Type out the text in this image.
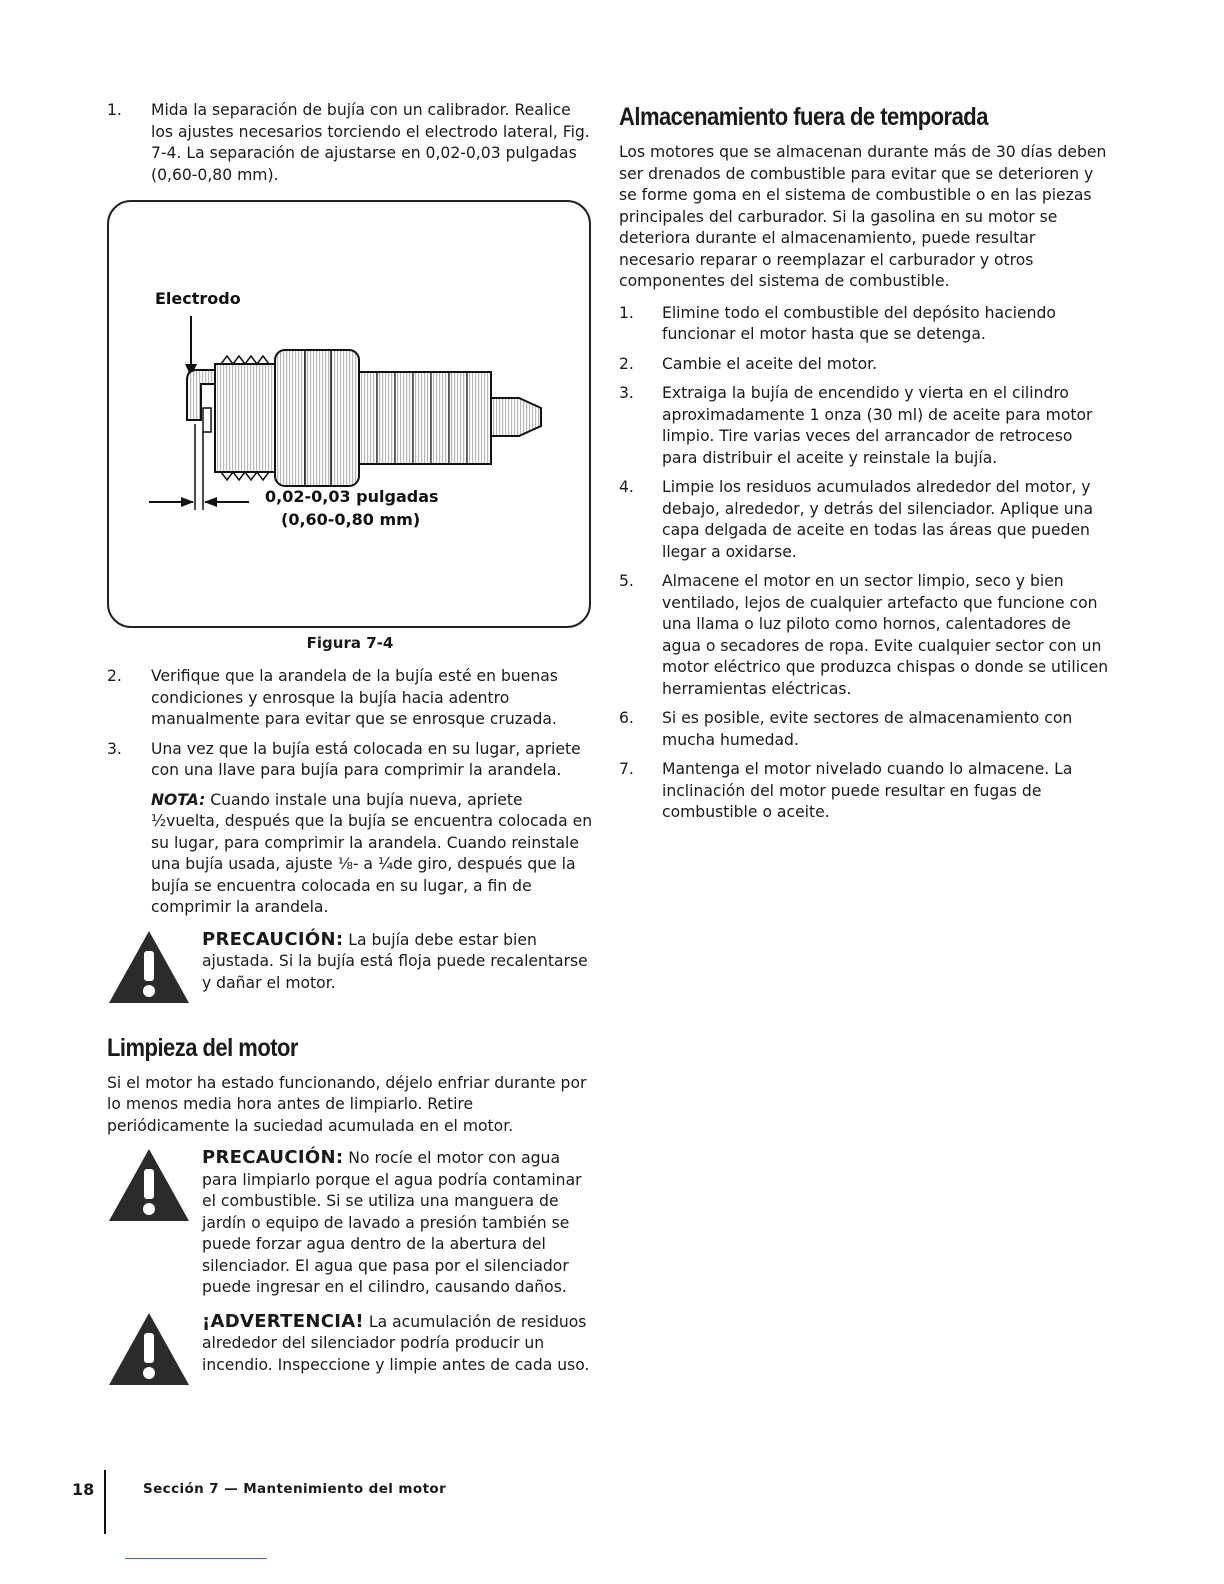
1.	Mida la separación de bujía con un calibrador. Realice los ajustes necesarios torciendo el electrodo lateral, Fig. 7-4. La separación de ajustarse en 0,02-0,03 pulgadas (0,60-0,80 mm).
Electrodo
0,02-0,03 pulgadas
(0,60-0,80 mm)
Figura 7-4
2.	Verifique que la arandela de la bujía esté en buenas condiciones y enrosque la bujía hacia adentro manualmente para evitar que se enrosque cruzada.
3.	Una vez que la bujía está colocada en su lugar, apriete con una llave para bujía para comprimir la arandela.

NOTA: Cuando instale una bujía nueva, apriete ½vuelta, después que la bujía se encuentra colocada en su lugar, para comprimir la arandela. Cuando reinstale una bujía usada, ajuste ⅛- a ¼de giro, después que la bujía se encuentra colocada en su lugar, a fin de comprimir la arandela.

PRECAUCIÓN: La bujía debe estar bien ajustada. Si la bujía está floja puede recalentarse y dañar el motor.
Limpieza del motor

Si el motor ha estado funcionando, déjelo enfriar durante por lo menos media hora antes de limpiarlo. Retire periódicamente la suciedad acumulada en el motor.

PRECAUCIÓN: No rocíe el motor con agua para limpiarlo porque el agua podría contaminar el combustible. Si se utiliza una manguera de jardín o equipo de lavado a presión también se puede forzar agua dentro de la abertura del silenciador. El agua que pasa por el silenciador puede ingresar en el cilindro, causando daños.
¡ADVERTENCIA! La acumulación de residuos alrededor del silenciador podría producir un incendio. Inspeccione y limpie antes de cada uso.
Almacenamiento fuera de temporada

Los motores que se almacenan durante más de 30 días deben ser drenados de combustible para evitar que se deterioren y se forme goma en el sistema de combustible o en las piezas principales del carburador. Si la gasolina en su motor se deteriora durante el almacenamiento, puede resultar necesario reparar o reemplazar el carburador y otros componentes del sistema de combustible.

1.	Elimine todo el combustible del depósito haciendo funcionar el motor hasta que se detenga.
2.	Cambie el aceite del motor.
3.	Extraiga la bujía de encendido y vierta en el cilindro aproximadamente 1 onza (30 ml) de aceite para motor limpio. Tire varias veces del arrancador de retroceso para distribuir el aceite y reinstale la bujía.
4.	Limpie los residuos acumulados alrededor del motor, y debajo, alrededor, y detrás del silenciador. Aplique una capa delgada de aceite en todas las áreas que pueden llegar a oxidarse.
5.	Almacene el motor en un sector limpio, seco y bien ventilado, lejos de cualquier artefacto que funcione con una llama o luz piloto como hornos, calentadores de agua o secadores de ropa. Evite cualquier sector con un motor eléctrico que produzca chispas o donde se utilicen herramientas eléctricas.
6.	Si es posible, evite sectores de almacenamiento con mucha humedad.
7.	Mantenga el motor nivelado cuando lo almacene. La inclinación del motor puede resultar en fugas de combustible o aceite.
18	Sección 7 — Mantenimiento del motor
